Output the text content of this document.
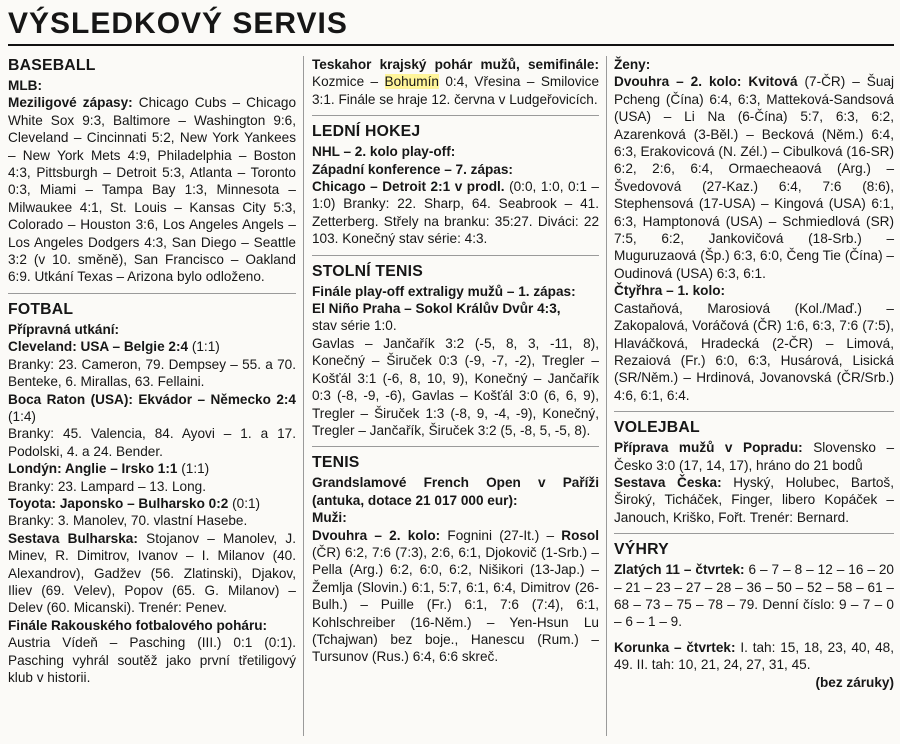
VÝSLEDKOVÝ SERVIS
BASEBALL
MLB:
Meziligové zápasy: Chicago Cubs – Chicago White Sox 9:3, Baltimore – Washington 9:6, Cleveland – Cincinnati 5:2, New York Yankees – New York Mets 4:9, Philadelphia – Boston 4:3, Pittsburgh – Detroit 5:3, Atlanta – Toronto 0:3, Miami – Tampa Bay 1:3, Minnesota – Milwaukee 4:1, St. Louis – Kansas City 5:3, Colorado – Houston 3:6, Los Angeles Angels – Los Angeles Dodgers 4:3, San Diego – Seattle 3:2 (v 10. směně), San Francisco – Oakland 6:9. Utkání Texas – Arizona bylo odloženo.
FOTBAL
Přípravná utkání:
Cleveland: USA – Belgie 2:4 (1:1)
Branky: 23. Cameron, 79. Dempsey – 55. a 70. Benteke, 6. Mirallas, 63. Fellaini.
Boca Raton (USA): Ekvádor – Německo 2:4 (1:4)
Branky: 45. Valencia, 84. Ayovi – 1. a 17. Podolski, 4. a 24. Bender.
Londýn: Anglie – Irsko 1:1 (1:1)
Branky: 23. Lampard – 13. Long.
Toyota: Japonsko – Bulharsko 0:2 (0:1)
Branky: 3. Manolev, 70. vlastní Hasebe.
Sestava Bulharska: Stojanov – Manolev, J. Minev, R. Dimitrov, Ivanov – I. Milanov (40. Alexandrov), Gadžev (56. Zlatinski), Djakov, Iliev (69. Velev), Popov (65. G. Milanov) – Delev (60. Micanski). Trenér: Penev.
Finále Rakouského fotbalového poháru:
Austria Vídeň – Pasching (III.) 0:1 (0:1). Pasching vyhrál soutěž jako první třetiligový klub v historii.
Teskahor krajský pohár mužů, semifinále: Kozmice – Bohumín 0:4, Vřesina – Smilovice 3:1. Finále se hraje 12. června v Ludgeřovicích.
LEDNÍ HOKEJ
NHL – 2. kolo play-off:
Západní konference – 7. zápas:
Chicago – Detroit 2:1 v prodl. (0:0, 1:0, 0:1 – 1:0) Branky: 22. Sharp, 64. Seabrook – 41. Zetterberg. Střely na branku: 35:27. Diváci: 22 103. Konečný stav série: 4:3.
STOLNÍ TENIS
Finále play-off extraligy mužů – 1. zápas:
El Niño Praha – Sokol Králův Dvůr 4:3,
stav série 1:0.
Gavlas – Jančařík 3:2 (-5, 8, 3, -11, 8), Konečný – Širuček 0:3 (-9, -7, -2), Tregler – Košťál 3:1 (-6, 8, 10, 9), Konečný – Jančařík 0:3 (-8, -9, -6), Gavlas – Košťál 3:0 (6, 6, 9), Tregler – Širuček 1:3 (-8, 9, -4, -9), Konečný, Tregler – Jančařík, Širuček 3:2 (5, -8, 5, -5, 8).
TENIS
Grandslamové French Open v Paříži (antuka, dotace 21 017 000 eur):
Muži:
Dvouhra – 2. kolo: Fognini (27-It.) – Rosol (ČR) 6:2, 7:6 (7:3), 2:6, 6:1, Djokovič (1-Srb.) – Pella (Arg.) 6:2, 6:0, 6:2, Nišikori (13-Jap.) – Žemlja (Slovin.) 6:1, 5:7, 6:1, 6:4, Dimitrov (26-Bulh.) – Puille (Fr.) 6:1, 7:6 (7:4), 6:1, Kohlschreiber (16-Něm.) – Yen-Hsun Lu (Tchajwan) bez boje., Hanescu (Rum.) – Tursunov (Rus.) 6:4, 6:6 skreč.
Ženy:
Dvouhra – 2. kolo: Kvitová (7-ČR) – Šuaj Pcheng (Čína) 6:4, 6:3, Matteková-Sandsová (USA) – Li Na (6-Čína) 5:7, 6:3, 6:2, Azarenková (3-Běl.) – Becková (Něm.) 6:4, 6:3, Erakovicová (N. Zél.) – Cibulková (16-SR) 6:2, 2:6, 6:4, Ormaecheaová (Arg.) – Švedovová (27-Kaz.) 6:4, 7:6 (8:6), Stephensová (17-USA) – Kingová (USA) 6:1, 6:3, Hamptonová (USA) – Schmiedlová (SR) 7:5, 6:2, Jankovičová (18-Srb.) – Muguruzaová (Šp.) 6:3, 6:0, Čeng Tie (Čína) – Oudinová (USA) 6:3, 6:1.
Čtyřhra – 1. kolo:
Castaňová, Marosiová (Kol./Maď.) – Zakopalová, Voráčová (ČR) 1:6, 6:3, 7:6 (7:5), Hlaváčková, Hradecká (2-ČR) – Limová, Rezaiová (Fr.) 6:0, 6:3, Husárová, Lisická (SR/Něm.) – Hrdinová, Jovanovská (ČR/Srb.) 4:6, 6:1, 6:4.
VOLEJBAL
Příprava mužů v Popradu: Slovensko – Česko 3:0 (17, 14, 17), hráno do 21 bodů
Sestava Česka: Hyský, Holubec, Bartoš, Široký, Ticháček, Finger, libero Kopáček – Janouch, Kriško, Fořt. Trenér: Bernard.
VÝHRY
Zlatých 11 – čtvrtek: 6 – 7 – 8 – 12 – 16 – 20 – 21 – 23 – 27 – 28 – 36 – 50 – 52 – 58 – 61 – 68 – 73 – 75 – 78 – 79. Denní číslo: 9 – 7 – 0 – 6 – 1 – 9.

Korunka – čtvrtek: I. tah: 15, 18, 23, 40, 48, 49. II. tah: 10, 21, 24, 27, 31, 45.
(bez záruky)
